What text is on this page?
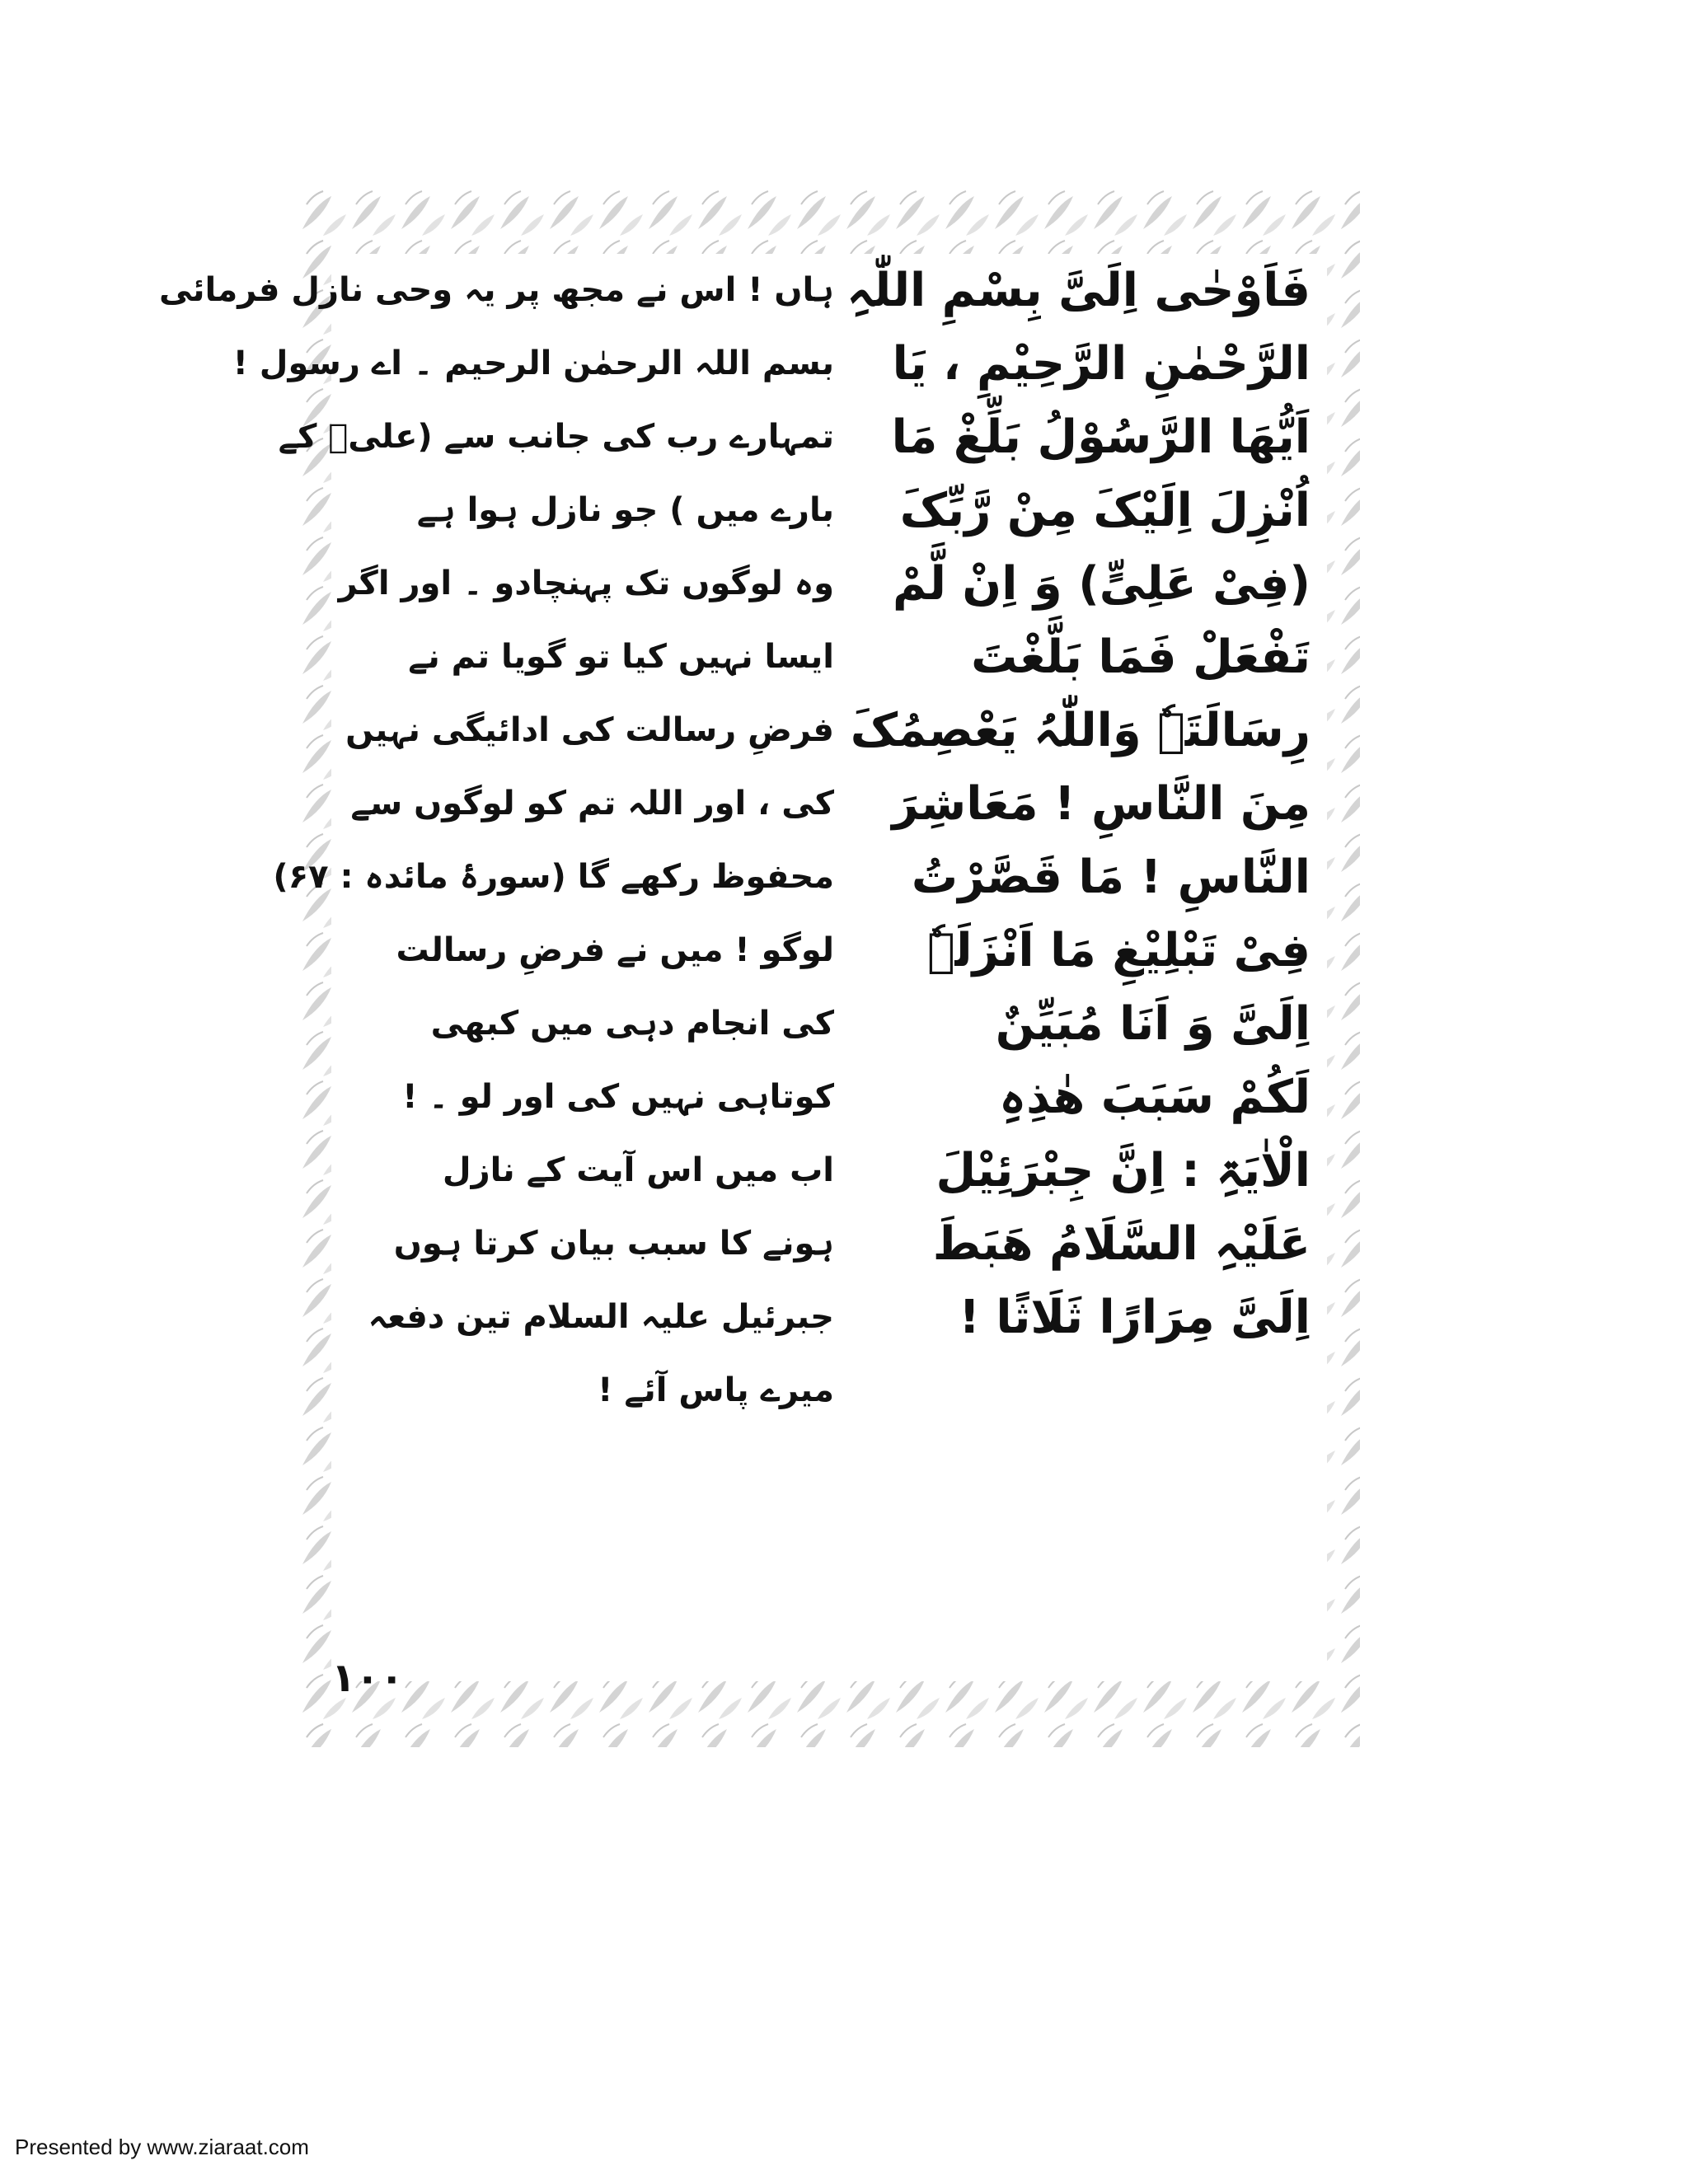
فَاَوْحٰی اِلَیَّ بِسْمِ اللّٰہِ
الرَّحْمٰنِ الرَّحِیْمِ ، یَا
اَیُّھَا الرَّسُوْلُ بَلِّغْ مَا
اُنْزِلَ اِلَیْکَ مِنْ رَّبِّکَ
(فِیْ عَلِیٍّ) وَ اِنْ لَّمْ
تَفْعَلْ فَمَا بَلَّغْتَ
رِسَالَتَہٗ وَاللّٰہُ یَعْصِمُکَ
مِنَ النَّاسِ ! مَعَاشِرَ
النَّاسِ ! مَا قَصَّرْتُ
فِیْ تَبْلِیْغِ مَا اَنْزَلَہٗ
اِلَیَّ وَ اَنَا مُبَیِّنٌ
لَکُمْ سَبَبَ ھٰذِہِ
الْاٰیَۃِ : اِنَّ جِبْرَئِیْلَ
عَلَیْہِ السَّلَامُ ھَبَطَ
اِلَیَّ مِرَارًا ثَلَاثًا !
ہاں ! اس نے مجھ پر یہ وحی نازل فرمائی
بسم اللہ الرحمٰن الرحیم ۔ اے رسول !
تمہارے رب کی جانب سے (علیؑ کے
بارے میں ) جو نازل ہوا ہے
وہ لوگوں تک پہنچادو ۔ اور اگر
ایسا نہیں کیا تو گویا تم نے
فرضِ رسالت کی ادائیگی نہیں
کی ، اور اللہ تم کو لوگوں سے
محفوظ رکھے گا (سورۂ مائدہ : ۶۷)
لوگو ! میں نے فرضِ رسالت
کی انجام دہی میں کبھی
کوتاہی نہیں کی اور لو ۔ !
اب میں اس آیت کے نازل
ہونے کا سبب بیان کرتا ہوں
جبرئیل علیہ السلام تین دفعہ
میرے پاس آئے !
۱۰۰
Presented by www.ziaraat.com
